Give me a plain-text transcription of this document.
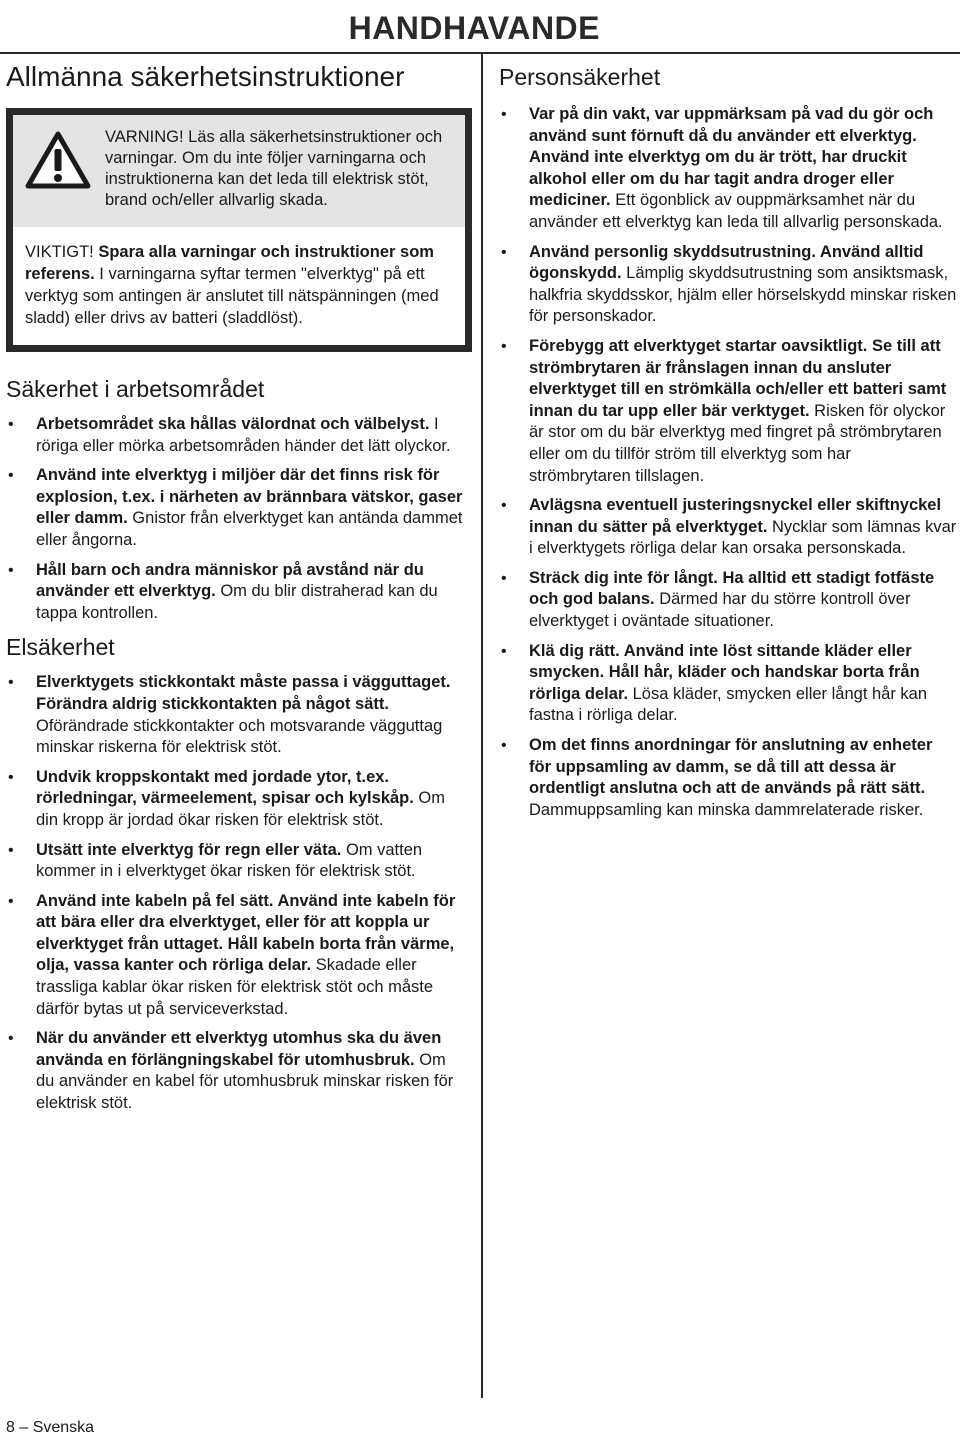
HANDHAVANDE
Allmänna säkerhetsinstruktioner
VARNING! Läs alla säkerhetsinstruktioner och varningar. Om du inte följer varningarna och instruktionerna kan det leda till elektrisk stöt, brand och/eller allvarlig skada.
VIKTIGT! Spara alla varningar och instruktioner som referens. I varningarna syftar termen "elverktyg" på ett verktyg som antingen är anslutet till nätspänningen (med sladd) eller drivs av batteri (sladdlöst).
Säkerhet i arbetsområdet
• Arbetsområdet ska hållas välordnat och välbelyst. I röriga eller mörka arbetsområden händer det lätt olyckor.
• Använd inte elverktyg i miljöer där det finns risk för explosion, t.ex. i närheten av brännbara vätskor, gaser eller damm. Gnistor från elverktyget kan antända dammet eller ångorna.
• Håll barn och andra människor på avstånd när du använder ett elverktyg. Om du blir distraherad kan du tappa kontrollen.
Elsäkerhet
• Elverktygets stickkontakt måste passa i vägguttaget. Förändra aldrig stickkontakten på något sätt. Oförändrade stickkontakter och motsvarande vägguttag minskar riskerna för elektrisk stöt.
• Undvik kroppskontakt med jordade ytor, t.ex. rörledningar, värmeelement, spisar och kylskåp. Om din kropp är jordad ökar risken för elektrisk stöt.
• Utsätt inte elverktyg för regn eller väta. Om vatten kommer in i elverktyget ökar risken för elektrisk stöt.
• Använd inte kabeln på fel sätt. Använd inte kabeln för att bära eller dra elverktyget, eller för att koppla ur elverktyget från uttaget. Håll kabeln borta från värme, olja, vassa kanter och rörliga delar. Skadade eller trassliga kablar ökar risken för elektrisk stöt och måste därför bytas ut på serviceverkstad.
• När du använder ett elverktyg utomhus ska du även använda en förlängningskabel för utomhusbruk. Om du använder en kabel för utomhusbruk minskar risken för elektrisk stöt.
Personsäkerhet
• Var på din vakt, var uppmärksam på vad du gör och använd sunt förnuft då du använder ett elverktyg. Använd inte elverktyg om du är trött, har druckit alkohol eller om du har tagit andra droger eller mediciner. Ett ögonblick av ouppmärksamhet när du använder ett elverktyg kan leda till allvarlig personskada.
• Använd personlig skyddsutrustning. Använd alltid ögonskydd. Lämplig skyddsutrustning som ansiktsmask, halkfria skyddsskor, hjälm eller hörselskydd minskar risken för personskador.
• Förebygg att elverktyget startar oavsiktligt. Se till att strömbrytaren är frånslagen innan du ansluter elverktyget till en strömkälla och/eller ett batteri samt innan du tar upp eller bär verktyget. Risken för olyckor är stor om du bär elverktyg med fingret på strömbrytaren eller om du tillför ström till elverktyg som har strömbrytaren tillslagen.
• Avlägsna eventuell justeringsnyckel eller skiftnyckel innan du sätter på elverktyget. Nycklar som lämnas kvar i elverktygets rörliga delar kan orsaka personskada.
• Sträck dig inte för långt. Ha alltid ett stadigt fotfäste och god balans. Därmed har du större kontroll över elverktyget i oväntade situationer.
• Klä dig rätt. Använd inte löst sittande kläder eller smycken. Håll hår, kläder och handskar borta från rörliga delar. Lösa kläder, smycken eller långt hår kan fastna i rörliga delar.
• Om det finns anordningar för anslutning av enheter för uppsamling av damm, se då till att dessa är ordentligt anslutna och att de används på rätt sätt. Dammuppsamling kan minska dammrelaterade risker.
8 – Svenska
